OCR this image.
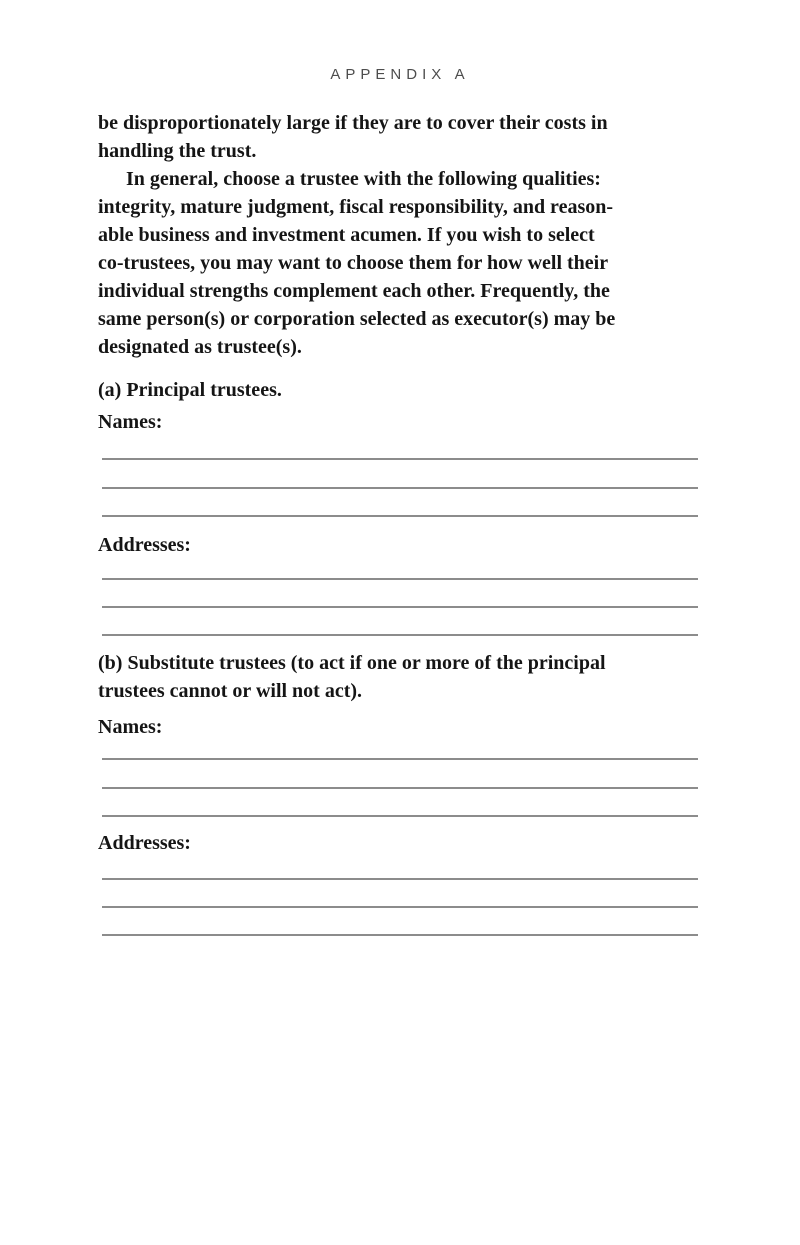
APPENDIX A
be disproportionately large if they are to cover their costs in
handling the trust.
In general, choose a trustee with the following qualities:
integrity, mature judgment, fiscal responsibility, and reason-
able business and investment acumen. If you wish to select
co-trustees, you may want to choose them for how well their
individual strengths complement each other. Frequently, the
same person(s) or corporation selected as executor(s) may be
designated as trustee(s).
(a) Principal trustees.
Names:
Addresses:
(b) Substitute trustees (to act if one or more of the principal
trustees cannot or will not act).
Names:
Addresses:
